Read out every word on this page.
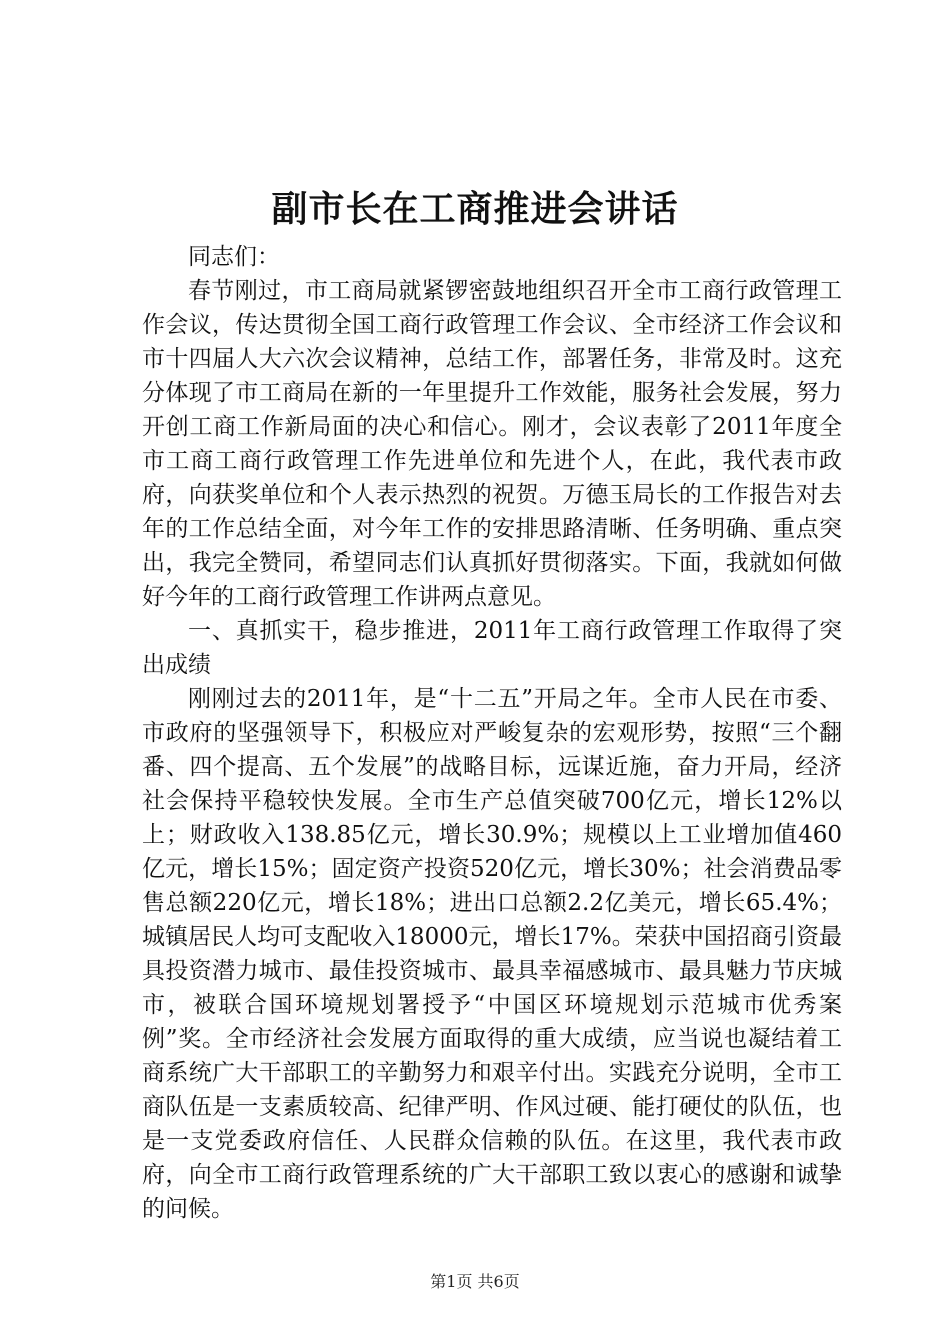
副市长在工商推进会讲话

同志们：

春节刚过，市工商局就紧锣密鼓地组织召开全市工商行政管理工作会议，传达贯彻全国工商行政管理工作会议、全市经济工作会议和市十四届人大六次会议精神，总结工作，部署任务，非常及时。这充分体现了市工商局在新的一年里提升工作效能，服务社会发展，努力开创工商工作新局面的决心和信心。刚才，会议表彰了2011年度全市工商工商行政管理工作先进单位和先进个人，在此，我代表市政府，向获奖单位和个人表示热烈的祝贺。万德玉局长的工作报告对去年的工作总结全面，对今年工作的安排思路清晰、任务明确、重点突出，我完全赞同，希望同志们认真抓好贯彻落实。下面，我就如何做好今年的工商行政管理工作讲两点意见。

一、真抓实干，稳步推进，2011年工商行政管理工作取得了突出成绩

刚刚过去的2011年，是“十二五”开局之年。全市人民在市委、市政府的坚强领导下，积极应对严峻复杂的宏观形势，按照“三个翻番、四个提高、五个发展”的战略目标，远谋近施，奋力开局，经济社会保持平稳较快发展。全市生产总值突破700亿元，增长12%以上；财政收入138.85亿元，增长30.9%；规模以上工业增加值460亿元，增长15%；固定资产投资520亿元，增长30%；社会消费品零售总额220亿元，增长18%；进出口总额2.2亿美元，增长65.4%；城镇居民人均可支配收入18000元，增长17%。荣获中国招商引资最具投资潜力城市、最佳投资城市、最具幸福感城市、最具魅力节庆城市，被联合国环境规划署授予“中国区环境规划示范城市优秀案例”奖。全市经济社会发展方面取得的重大成绩，应当说也凝结着工商系统广大干部职工的辛勤努力和艰辛付出。实践充分说明，全市工商队伍是一支素质较高、纪律严明、作风过硬、能打硬仗的队伍，也是一支党委政府信任、人民群众信赖的队伍。在这里，我代表市政府，向全市工商行政管理系统的广大干部职工致以衷心的感谢和诚挚的问候。

第1页 共6页
